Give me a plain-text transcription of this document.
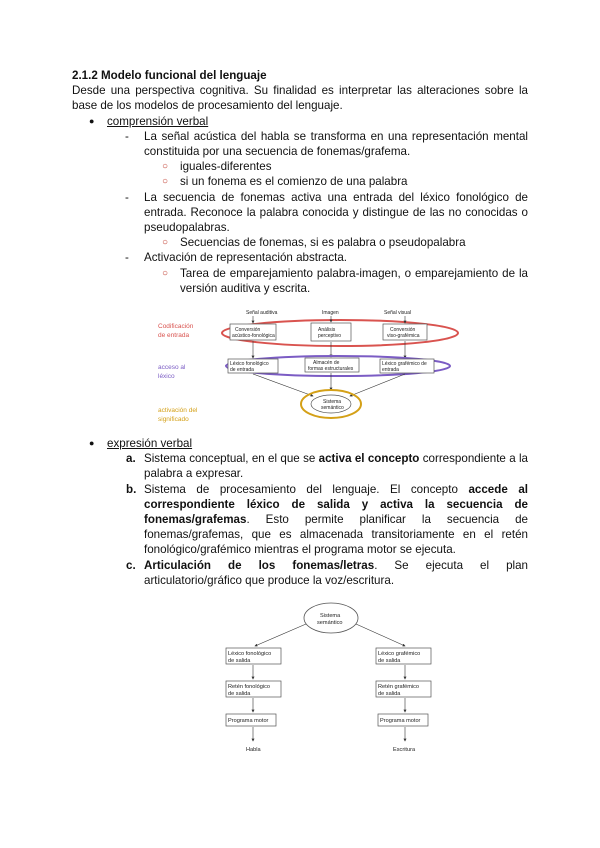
2.1.2 Modelo funcional del lenguaje

Desde una perspectiva cognitiva. Su finalidad es interpretar las alteraciones sobre la base de los modelos de procesamiento del lenguaje.

● comprensión verbal
- La señal acústica del habla se transforma en una representación mental constituida por una secuencia de fonemas/grafema.
○ iguales-diferentes
○ si un fonema es el comienzo de una palabra
- La secuencia de fonemas activa una entrada del léxico fonológico de entrada. Reconoce la palabra conocida y distingue de las no conocidas o pseudopalabras.
○ Secuencias de fonemas, si es palabra o pseudopalabra
- Activación de representación abstracta.
○ Tarea de emparejamiento palabra-imagen, o emparejamiento de la versión auditiva y escrita.
Codificación
de entrada
acceso al
léxico
activación del
significado
Señal auditiva	Imagen	Señal visual
Conversión
acústico-fonológica
Análisis
perceptivo
Conversión
viso-grafémica
Léxico fonológico
de entrada
Almacén de
formas estructurales
Léxico grafémico de
entrada
Sistema
semántico
● expresión verbal
a. Sistema conceptual, en el que se activa el concepto correspondiente a la palabra a expresar.
b. Sistema de procesamiento del lenguaje. El concepto accede al correspondiente léxico de salida y activa la secuencia de fonemas/grafemas. Esto permite planificar la secuencia de fonemas/grafemas, que es almacenada transitoriamente en el retén fonológico/grafémico mientras el programa motor se ejecuta.
c. Articulación de los fonemas/letras. Se ejecuta el plan articulatorio/gráfico que produce la voz/escritura.
Sistema
semántico
Léxico fonológico
de salida
Retén fonológico
de salida
Programa motor
Habla
Léxico grafémico
de salida
Retén grafémico
de salida
Programa motor
Escritura
